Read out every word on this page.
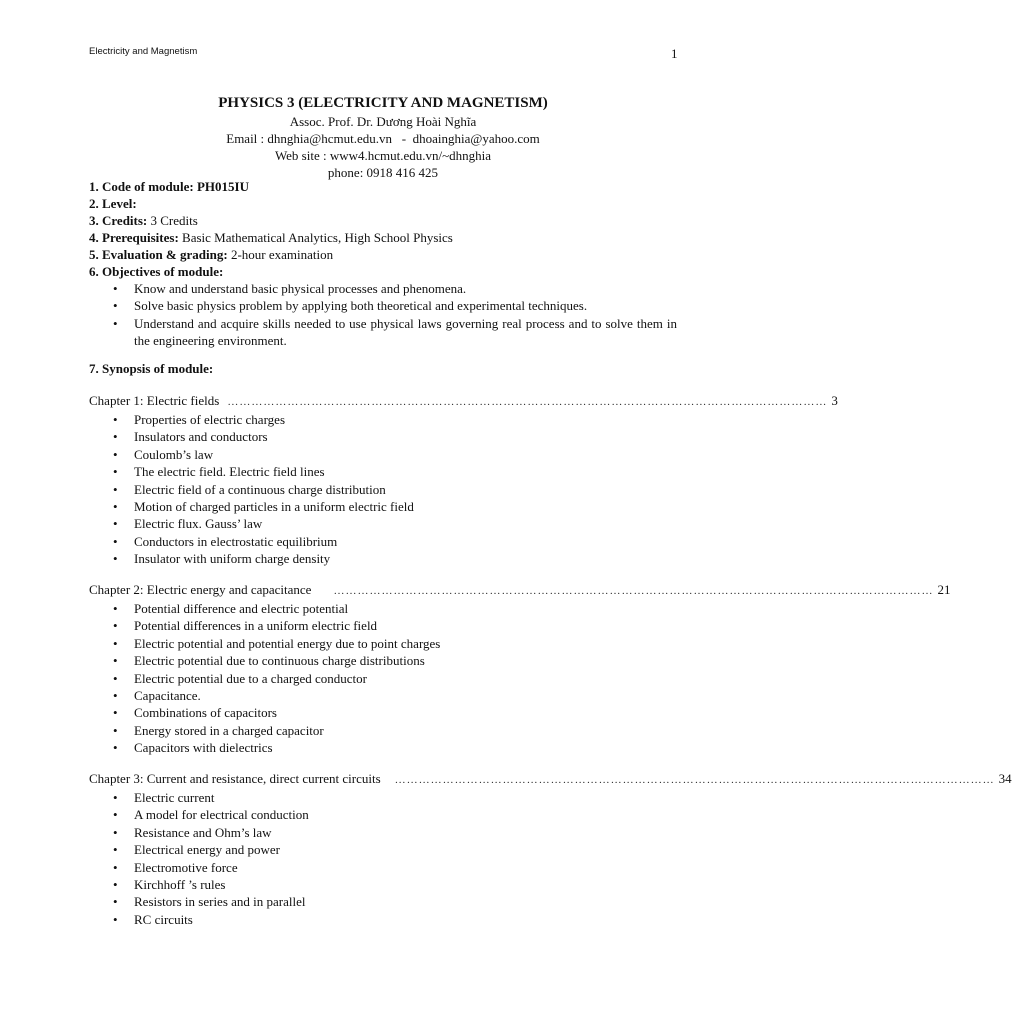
Electricity and Magnetism	1
PHYSICS 3 (ELECTRICITY AND MAGNETISM)
Assoc. Prof. Dr. Dương Hoài Nghĩa
Email : dhnghia@hcmut.edu.vn   -  dhoainghia@yahoo.com
Web site : www4.hcmut.edu.vn/~dhnghia
phone: 0918 416 425
1. Code of module: PH015IU
2. Level:
3. Credits: 3 Credits
4. Prerequisites: Basic Mathematical Analytics, High School Physics
5. Evaluation & grading: 2-hour examination
6. Objectives of module:
• Know and understand basic physical processes and phenomena.
• Solve basic physics problem by applying both theoretical and experimental techniques.
• Understand and acquire skills needed to use physical laws governing real process and to solve them in the engineering environment.
7. Synopsis of module:
Chapter 1: Electric fields …………………………………………………………………………………………………………………………………… 3
• Properties of electric charges
• Insulators and conductors
• Coulomb’s law
• The electric field. Electric field lines
• Electric field of a continuous charge distribution
• Motion of charged particles in a uniform electric field
• Electric flux. Gauss’ law
• Conductors in electrostatic equilibrium
• Insulator with uniform charge density
Chapter 2: Electric energy and capacitance …………………………………………………………………………………………………………………………………… 21
• Potential difference and electric potential
• Potential differences in a uniform electric field
• Electric potential and potential energy due to point charges
• Electric potential due to continuous charge distributions
• Electric potential due to a charged conductor
• Capacitance.
• Combinations of capacitors
• Energy stored in a charged capacitor
• Capacitors with dielectrics
Chapter 3: Current and resistance, direct current circuits …………………………………………………………………………………………………………………………………… 34
• Electric current
• A model for electrical conduction
• Resistance and Ohm’s law
• Electrical energy and power
• Electromotive force
• Kirchhoff ’s rules
• Resistors in series and in parallel
• RC circuits
